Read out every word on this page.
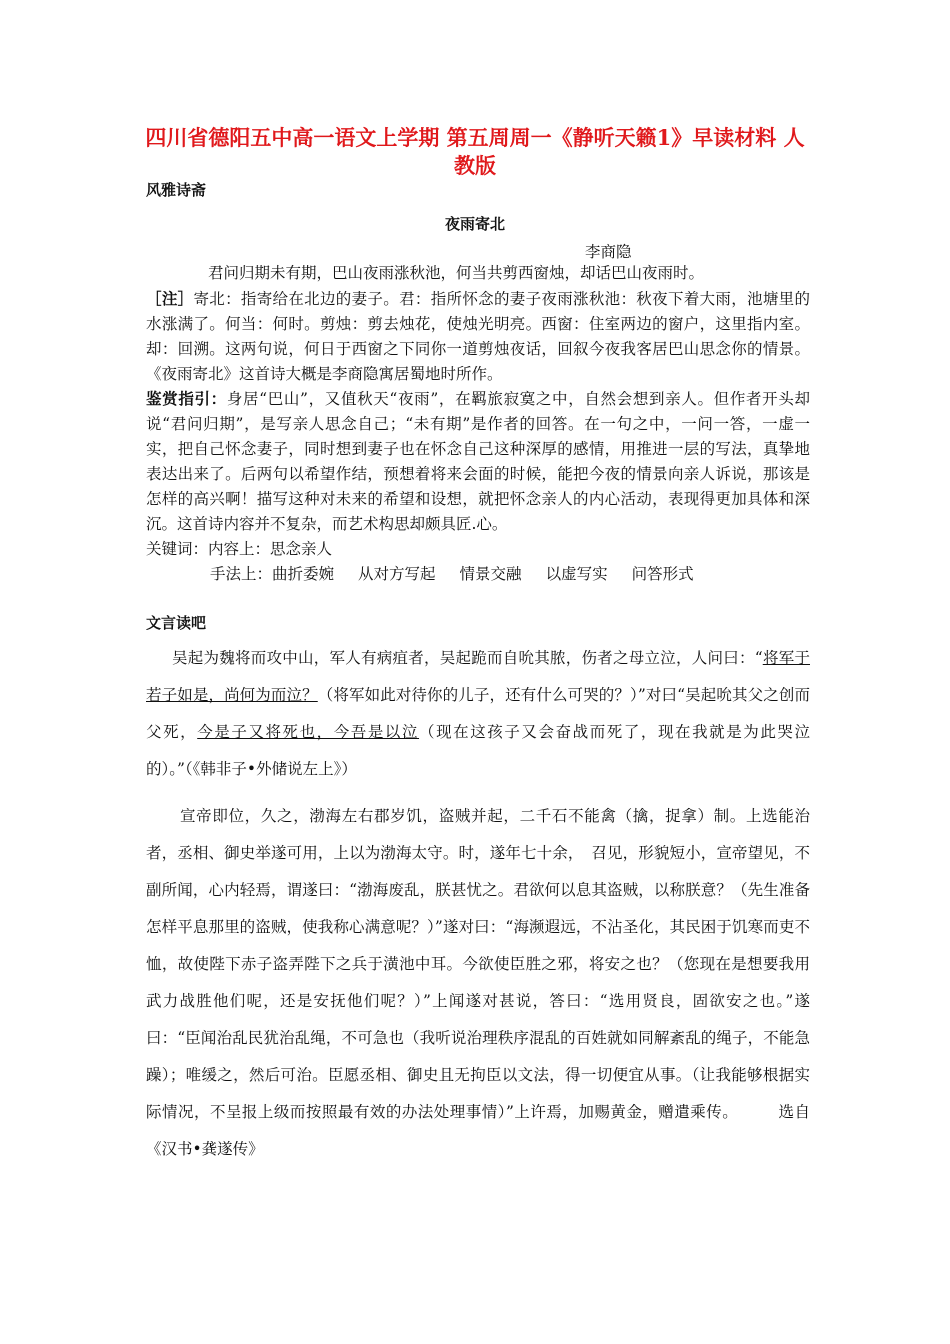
四川省德阳五中高一语文上学期 第五周周一《静听天籁1》早读材料 人教版
风雅诗斋
夜雨寄北
李商隐
君问归期未有期，巴山夜雨涨秋池，何当共剪西窗烛，却话巴山夜雨时。
［注］寄北：指寄给在北边的妻子。君：指所怀念的妻子夜雨涨秋池：秋夜下着大雨，池塘里的水涨满了。何当：何时。剪烛：剪去烛花，使烛光明亮。西窗：住室两边的窗户，这里指内室。却：回溯。这两句说，何日于西窗之下同你一道剪烛夜话，回叙今夜我客居巴山思念你的情景。《夜雨寄北》这首诗大概是李商隐寓居蜀地时所作。
鉴赏指引：身居“巴山”，又值秋天“夜雨”，在羁旅寂寞之中，自然会想到亲人。但作者开头却说“君问归期”，是写亲人思念自己；“未有期”是作者的回答。在一句之中，一问一答，一虚一实，把自己怀念妻子，同时想到妻子也在怀念自己这种深厚的感情，用推进一层的写法，真挚地表达出来了。后两句以希望作结，预想着将来会面的时候，能把今夜的情景向亲人诉说，那该是怎样的高兴啊！描写这种对未来的希望和设想，就把怀念亲人的内心活动，表现得更加具体和深沉。这首诗内容并不复杂，而艺术构思却颇具匠.心。
关键词：内容上：思念亲人
手法上：曲折委婉 从对方写起 情景交融 以虚写实 问答形式
文言读吧

吴起为魏将而攻中山，军人有病疽者，吴起跪而自吮其脓，伤者之母立泣，人问曰：“将军于若子如是，尚何为而泣？（将军如此对待你的儿子，还有什么可哭的？）”对曰“吴起吮其父之创而父死，今是子又将死也，今吾是以泣（现在这孩子又会奋战而死了，现在我就是为此哭泣的）。”（《韩非子•外储说左上》）

宣帝即位，久之，渤海左右郡岁饥，盗贼并起，二千石不能禽（擒，捉拿）制。上选能治者，丞相、御史举遂可用，上以为渤海太守。时，遂年七十余，　召见，形貌短小，宣帝望见，不副所闻，心内轻焉，谓遂曰：“渤海废乱，朕甚忧之。君欲何以息其盗贼，以称朕意？（先生准备怎样平息那里的盗贼，使我称心满意呢？）”遂对曰：“海濒遐远，不沾圣化，其民困于饥寒而吏不恤，故使陛下赤子盗弄陛下之兵于潢池中耳。今欲使臣胜之邪，将安之也？（您现在是想要我用武力战胜他们呢，还是安抚他们呢？）”上闻遂对甚说，答曰：“选用贤良，固欲安之也。”遂曰：“臣闻治乱民犹治乱绳，不可急也（我听说治理秩序混乱的百姓就如同解紊乱的绳子，不能急躁）；唯缓之，然后可治。臣愿丞相、御史且无拘臣以文法，得一切便宜从事。（让我能够根据实际情况，不呈报上级而按照最有效的办法处理事情）”上许焉，加赐黄金，赠遣乘传。　　　	选自《汉书•龚遂传》
